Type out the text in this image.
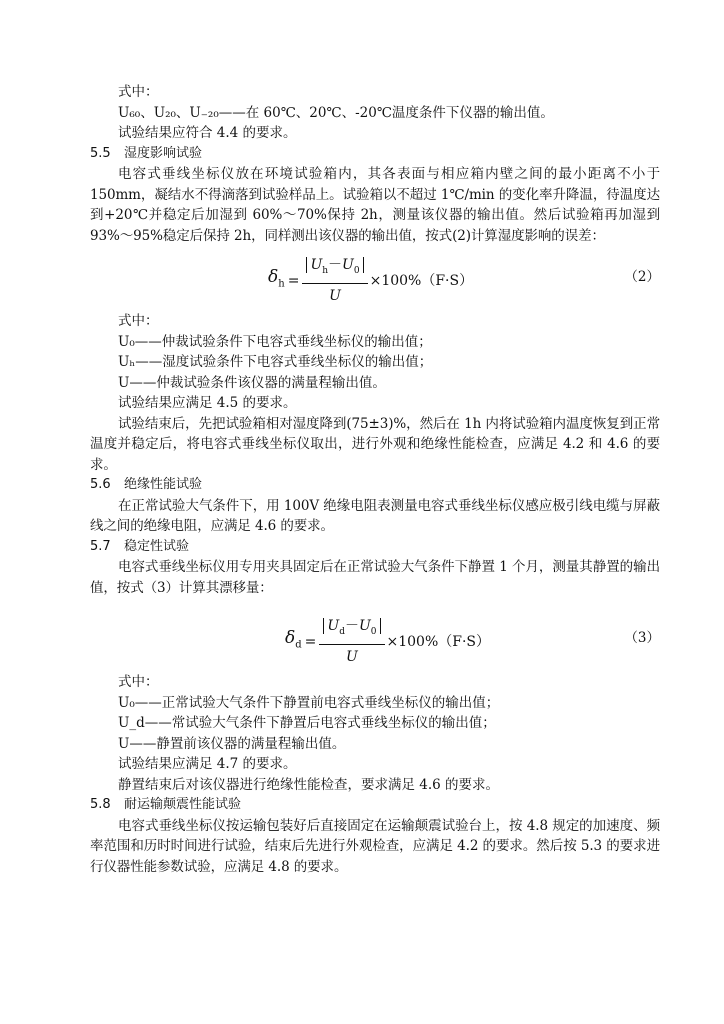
式中：

U₆₀、U₂₀、U₋₂₀——在 60℃、20℃、-20℃温度条件下仪器的输出值。

试验结果应符合 4.4 的要求。

5.5 湿度影响试验

电容式垂线坐标仪放在环境试验箱内，其各表面与相应箱内壁之间的最小距离不小于 150mm，凝结水不得滴落到试验样品上。试验箱以不超过 1℃/min 的变化率升降温，待温度达到+20℃并稳定后加湿到 60%～70%保持 2h，测量该仪器的输出值。然后试验箱再加湿到 93%～95%稳定后保持 2h，同样测出该仪器的输出值，按式(2)计算湿度影响的误差：

$\delta_h = \frac{U_h-U_0}{U} \times 100\%(F\cdot S)$	（2）

式中：

U₀——仲裁试验条件下电容式垂线坐标仪的输出值；

Uₕ——湿度试验条件下电容式垂线坐标仪的输出值；

U——仲裁试验条件该仪器的满量程输出值。

试验结果应满足 4.5 的要求。

试验结束后，先把试验箱相对湿度降到(75±3)%，然后在 1h 内将试验箱内温度恢复到正常温度并稳定后，将电容式垂线坐标仪取出，进行外观和绝缘性能检查，应满足 4.2 和 4.6 的要求。

5.6 绝缘性能试验

在正常试验大气条件下，用 100V 绝缘电阻表测量电容式垂线坐标仪感应极引线电缆与屏蔽线之间的绝缘电阻，应满足 4.6 的要求。

5.7 稳定性试验

电容式垂线坐标仪用专用夹具固定后在正常试验大气条件下静置 1 个月，测量其静置的输出值，按式（3）计算其漂移量：

$\delta_d = \frac{U_d-U_0}{U} \times 100\%(F\cdot S)$	（3）

式中：

U₀——正常试验大气条件下静置前电容式垂线坐标仪的输出值；

U_d——常试验大气条件下静置后电容式垂线坐标仪的输出值；

U——静置前该仪器的满量程输出值。

试验结果应满足 4.7 的要求。

静置结束后对该仪器进行绝缘性能检查，要求满足 4.6 的要求。

5.8 耐运输颠震性能试验

电容式垂线坐标仪按运输包装好后直接固定在运输颠震试验台上，按 4.8 规定的加速度、频率范围和历时时间进行试验，结束后先进行外观检查，应满足 4.2 的要求。然后按 5.3 的要求进行仪器性能参数试验，应满足 4.8 的要求。
